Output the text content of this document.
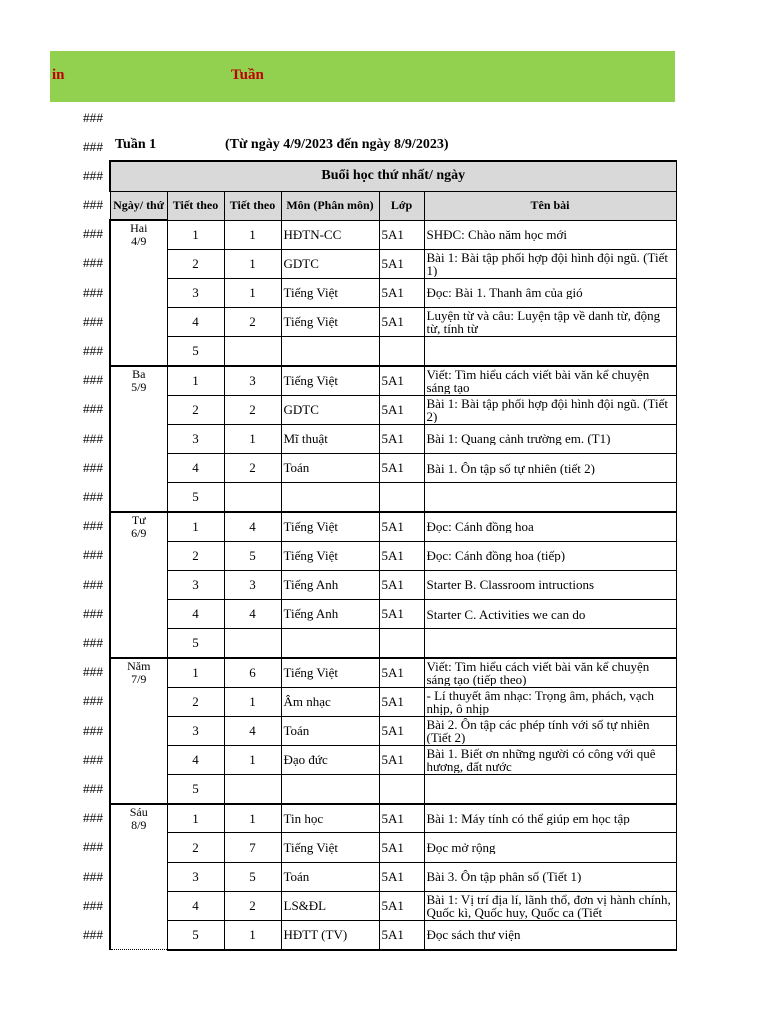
in	Tuần
###
###
###
###
###
###
###
###
###
###
###
###
###
###
###
###
###
###
###
###
###
###
###
###
###
###
###
###
###
Tuần 1	(Từ ngày 4/9/2023 đến ngày 8/9/2023)
Buổi học thứ nhất/ ngày					
Ngày/ thứ	Tiết theo	Tiết theo	Môn (Phân môn)	Lớp	Tên bài

Hai
4/9	1	1	HĐTN-CC	5A1	SHĐC: Chào năm học mới

	2	1	GDTC	5A1	Bài 1: Bài tập phối hợp đội hình đội ngũ. (Tiết 1)

	3	1	Tiếng Việt	5A1	Đọc: Bài 1. Thanh âm của gió

	4	2	Tiếng Việt	5A1	Luyện từ và câu: Luyện tập về danh từ, động từ, tính từ

	5				

Ba
5/9	1	3	Tiếng Việt	5A1	Viết: Tìm hiểu cách viết bài văn kể chuyện sáng tạo

	2	2	GDTC	5A1	Bài 1: Bài tập phối hợp đội hình đội ngũ. (Tiết 2)

	3	1	Mĩ thuật	5A1	Bài 1: Quang cảnh trường em. (T1)

	4	2	Toán	5A1	Bài 1. Ôn tập số tự nhiên (tiết 2)

	5				

Tư
6/9	1	4	Tiếng Việt	5A1	Đọc: Cánh đồng hoa

	2	5	Tiếng Việt	5A1	Đọc: Cánh đồng hoa (tiếp)

	3	3	Tiếng Anh	5A1	Starter B. Classroom intructions

	4	4	Tiếng Anh	5A1	Starter C. Activities we can do

	5				

Năm
7/9	1	6	Tiếng Việt	5A1	Viết: Tìm hiểu cách viết bài văn kể chuyện sáng tạo (tiếp theo)

	2	1	Âm nhạc	5A1	- Lí thuyết âm nhạc: Trọng âm, phách, vạch nhịp, ô nhịp

	3	4	Toán	5A1	Bài 2. Ôn tập các phép tính với số tự nhiên (Tiết 2)

	4	1	Đạo đức	5A1	Bài 1. Biết ơn những người có công với quê hương, đất nước

	5				

Sáu
8/9	1	1	Tin học	5A1	Bài 1: Máy tính có thể giúp em học tập

	2	7	Tiếng Việt	5A1	Đọc mở rộng

	3	5	Toán	5A1	Bài 3. Ôn tập phân số (Tiết 1)

	4	2	LS&ĐL	5A1	Bài 1: Vị trí địa lí, lãnh thổ, đơn vị hành chính, Quốc kì, Quốc huy, Quốc ca (Tiết

	5	1	HĐTT (TV)	5A1	Đọc sách thư viện
